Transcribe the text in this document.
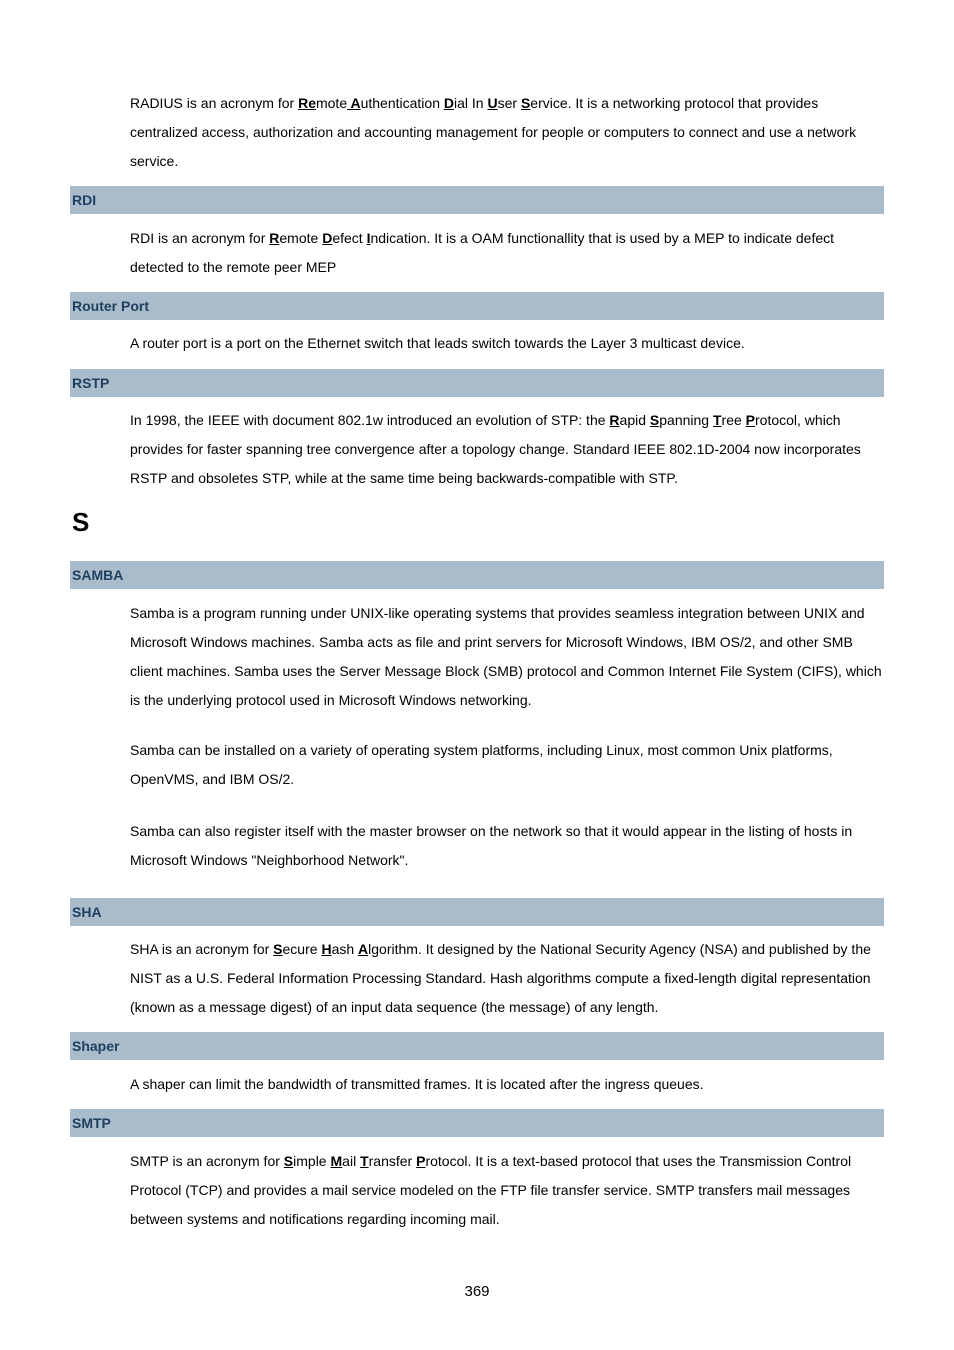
RADIUS is an acronym for Remote Authentication Dial In User Service. It is a networking protocol that provides centralized access, authorization and accounting management for people or computers to connect and use a network service.

RDI

RDI is an acronym for Remote Defect Indication. It is a OAM functionallity that is used by a MEP to indicate defect detected to the remote peer MEP

Router Port

A router port is a port on the Ethernet switch that leads switch towards the Layer 3 multicast device.

RSTP

In 1998, the IEEE with document 802.1w introduced an evolution of STP: the Rapid Spanning Tree Protocol, which provides for faster spanning tree convergence after a topology change. Standard IEEE 802.1D-2004 now incorporates RSTP and obsoletes STP, while at the same time being backwards-compatible with STP.

S
SAMBA

Samba is a program running under UNIX-like operating systems that provides seamless integration between UNIX and Microsoft Windows machines. Samba acts as file and print servers for Microsoft Windows, IBM OS/2, and other SMB client machines. Samba uses the Server Message Block (SMB) protocol and Common Internet File System (CIFS), which is the underlying protocol used in Microsoft Windows networking.

Samba can be installed on a variety of operating system platforms, including Linux, most common Unix platforms, OpenVMS, and IBM OS/2.

Samba can also register itself with the master browser on the network so that it would appear in the listing of hosts in Microsoft Windows "Neighborhood Network".

SHA

SHA is an acronym for Secure Hash Algorithm. It designed by the National Security Agency (NSA) and published by the NIST as a U.S. Federal Information Processing Standard. Hash algorithms compute a fixed-length digital representation (known as a message digest) of an input data sequence (the message) of any length.

Shaper

A shaper can limit the bandwidth of transmitted frames. It is located after the ingress queues.

SMTP

SMTP is an acronym for Simple Mail Transfer Protocol. It is a text-based protocol that uses the Transmission Control Protocol (TCP) and provides a mail service modeled on the FTP file transfer service. SMTP transfers mail messages between systems and notifications regarding incoming mail.

369
